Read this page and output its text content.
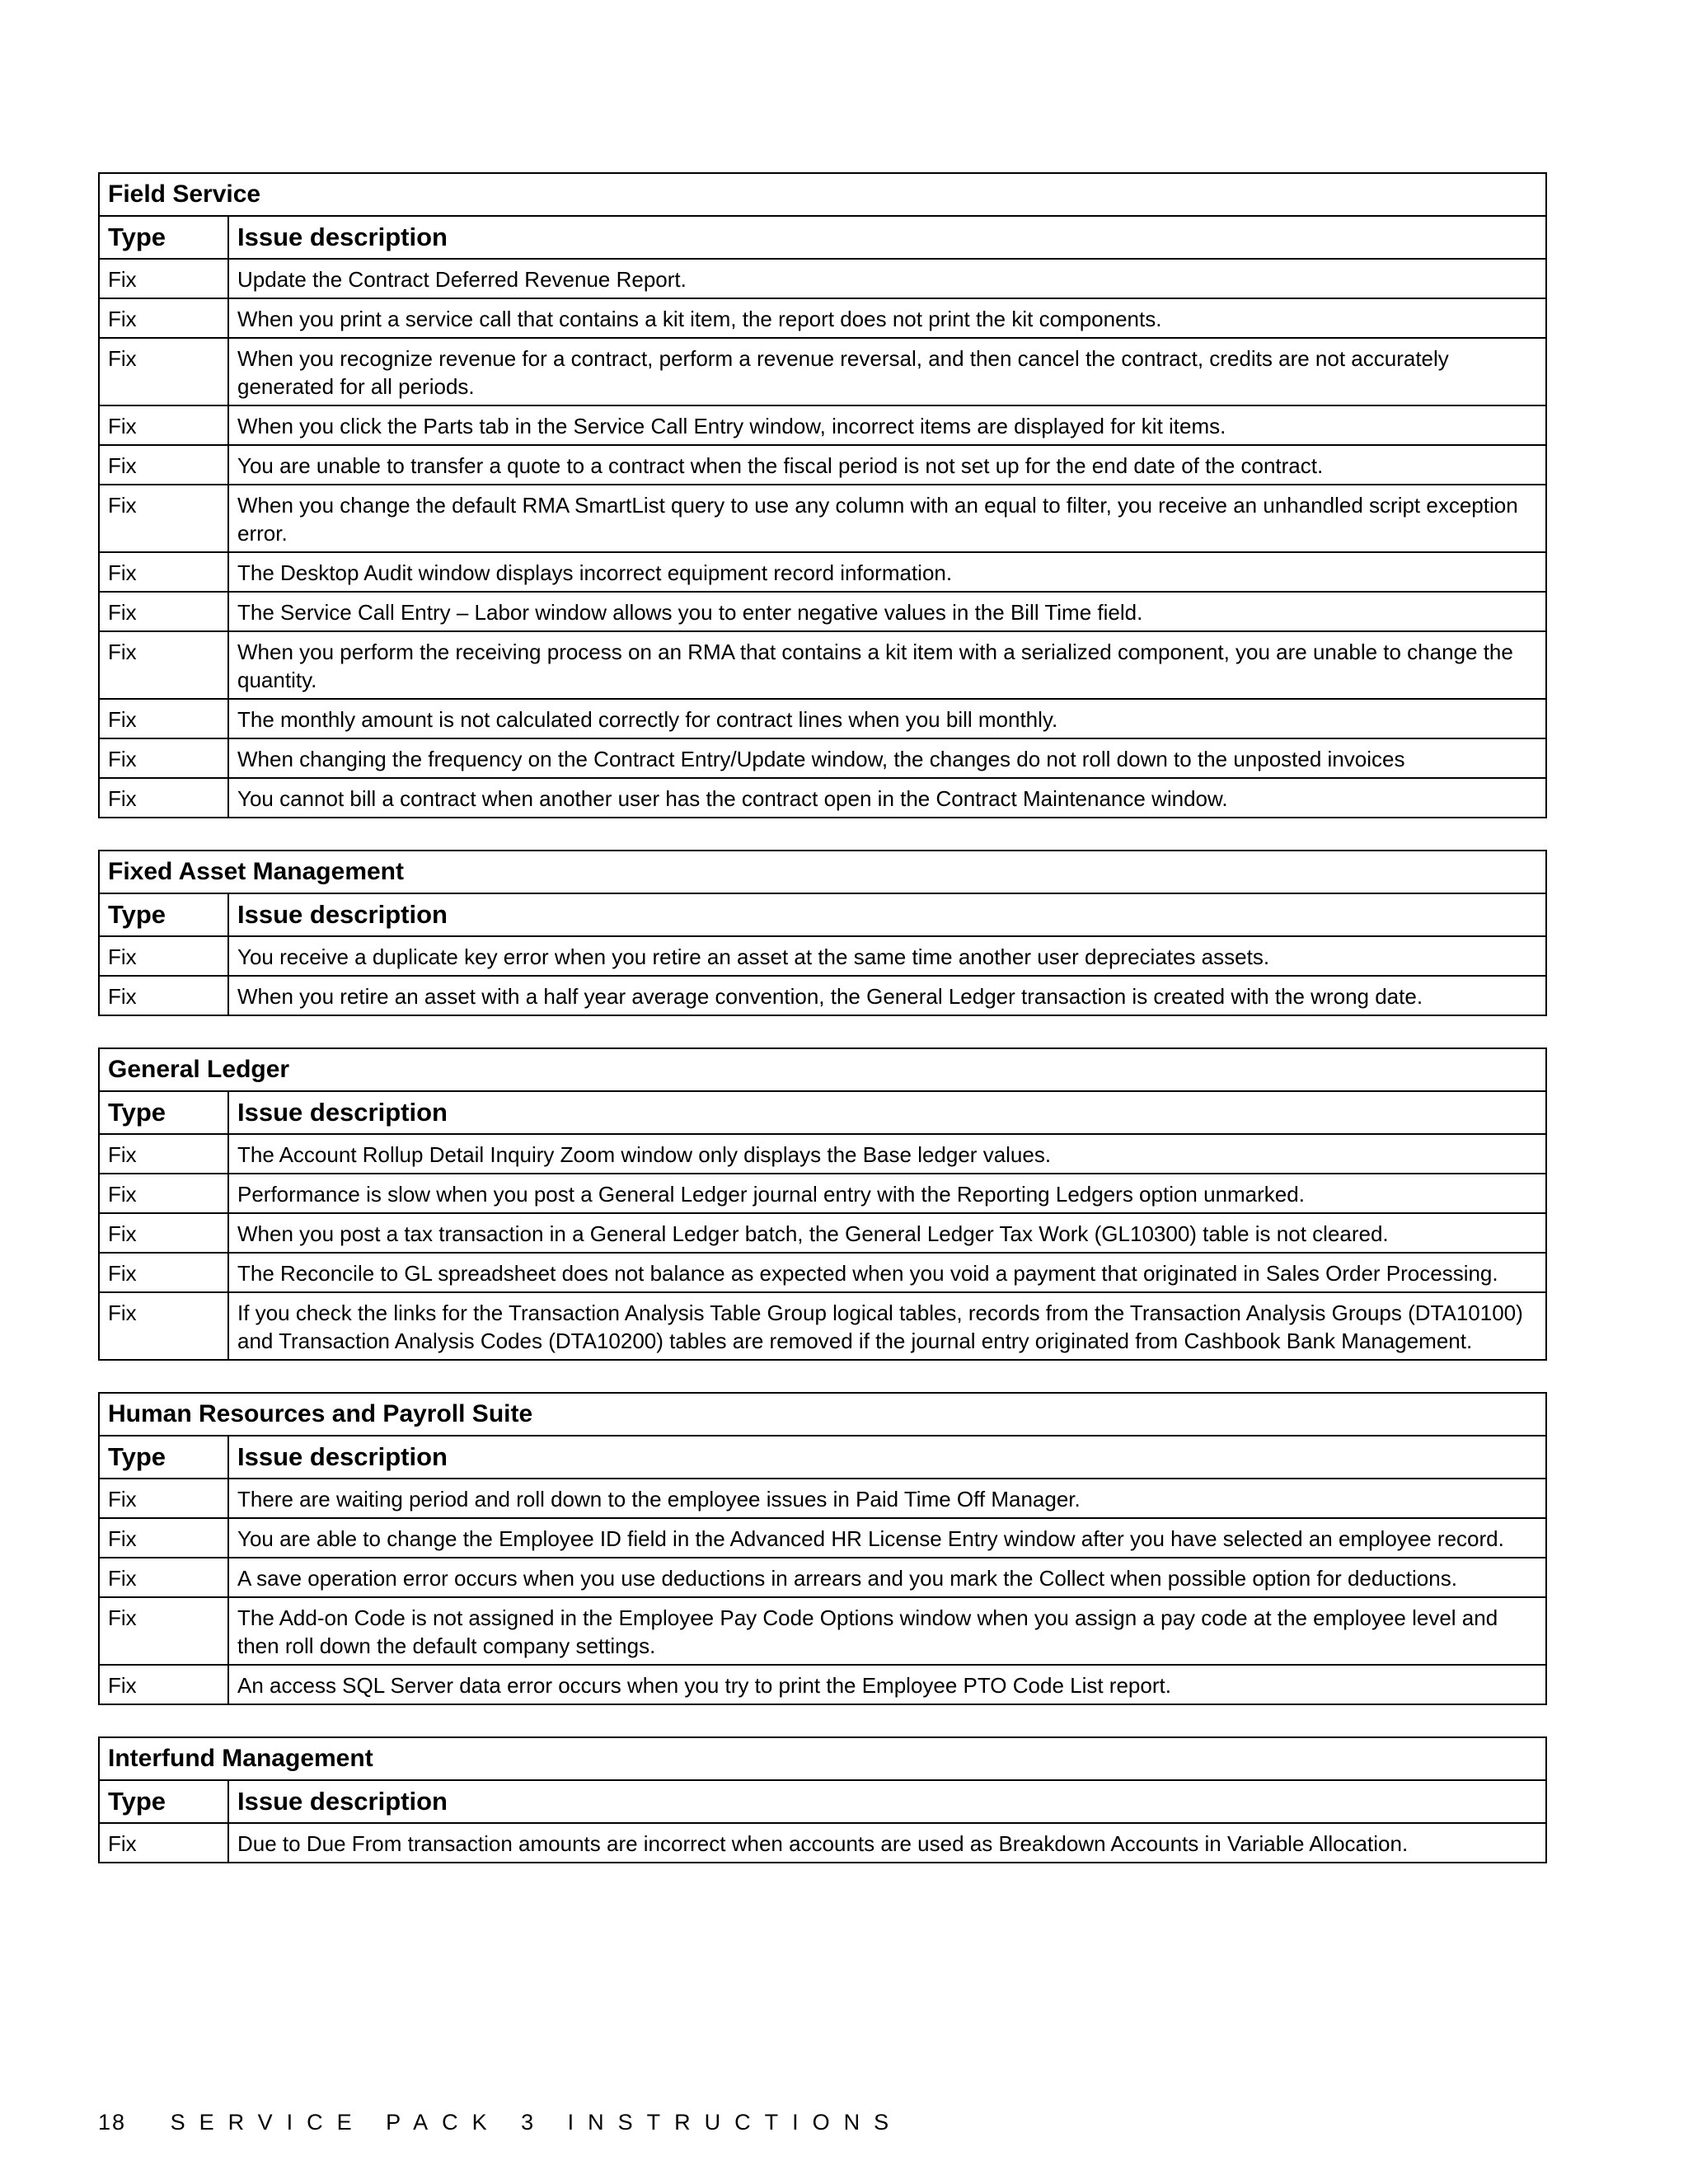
Field Service	
Type	Issue description
Fix	Update the Contract Deferred Revenue Report.
Fix	When you print a service call that contains a kit item, the report does not print the kit components.
Fix	When you recognize revenue for a contract, perform a revenue reversal, and then cancel the contract, credits are not accurately generated for all periods.
Fix	When you click the Parts tab in the Service Call Entry window, incorrect items are displayed for kit items.
Fix	You are unable to transfer a quote to a contract when the fiscal period is not set up for the end date of the contract.
Fix	When you change the default RMA SmartList query to use any column with an equal to filter, you receive an unhandled script exception error.
Fix	The Desktop Audit window displays incorrect equipment record information.
Fix	The Service Call Entry – Labor window allows you to enter negative values in the Bill Time field.
Fix	When you perform the receiving process on an RMA that contains a kit item with a serialized component, you are unable to change the quantity.
Fix	The monthly amount is not calculated correctly for contract lines when you bill monthly.
Fix	When changing the frequency on the Contract Entry/Update window, the changes do not roll down to the unposted invoices
Fix	You cannot bill a contract when another user has the contract open in the Contract Maintenance window.
Fixed Asset Management	
Type	Issue description
Fix	You receive a duplicate key error when you retire an asset at the same time another user depreciates assets.
Fix	When you retire an asset with a half year average convention, the General Ledger transaction is created with the wrong date.
General Ledger	
Type	Issue description
Fix	The Account Rollup Detail Inquiry Zoom window only displays the Base ledger values.
Fix	Performance is slow when you post a General Ledger journal entry with the Reporting Ledgers option unmarked.
Fix	When you post a tax transaction in a General Ledger batch, the General Ledger Tax Work (GL10300) table is not cleared.
Fix	The Reconcile to GL spreadsheet does not balance as expected when you void a payment that originated in Sales Order Processing.
Fix	If you check the links for the Transaction Analysis Table Group logical tables, records from the Transaction Analysis Groups (DTA10100) and Transaction Analysis Codes (DTA10200) tables are removed if the journal entry originated from Cashbook Bank Management.
Human Resources and Payroll Suite	
Type	Issue description
Fix	There are waiting period and roll down to the employee issues in Paid Time Off Manager.
Fix	You are able to change the Employee ID field in the Advanced HR License Entry window after you have selected an employee record.
Fix	A save operation error occurs when you use deductions in arrears and you mark the Collect when possible option for deductions.
Fix	The Add-on Code is not assigned in the Employee Pay Code Options window when you assign a pay code at the employee level and then roll down the default company settings.
Fix	An access SQL Server data error occurs when you try to print the Employee PTO Code List report.
Interfund Management	
Type	Issue description
Fix	Due to Due From transaction amounts are incorrect when accounts are used as Breakdown Accounts in Variable Allocation.
18 SERVICE PACK 3 INSTRUCTIONS
